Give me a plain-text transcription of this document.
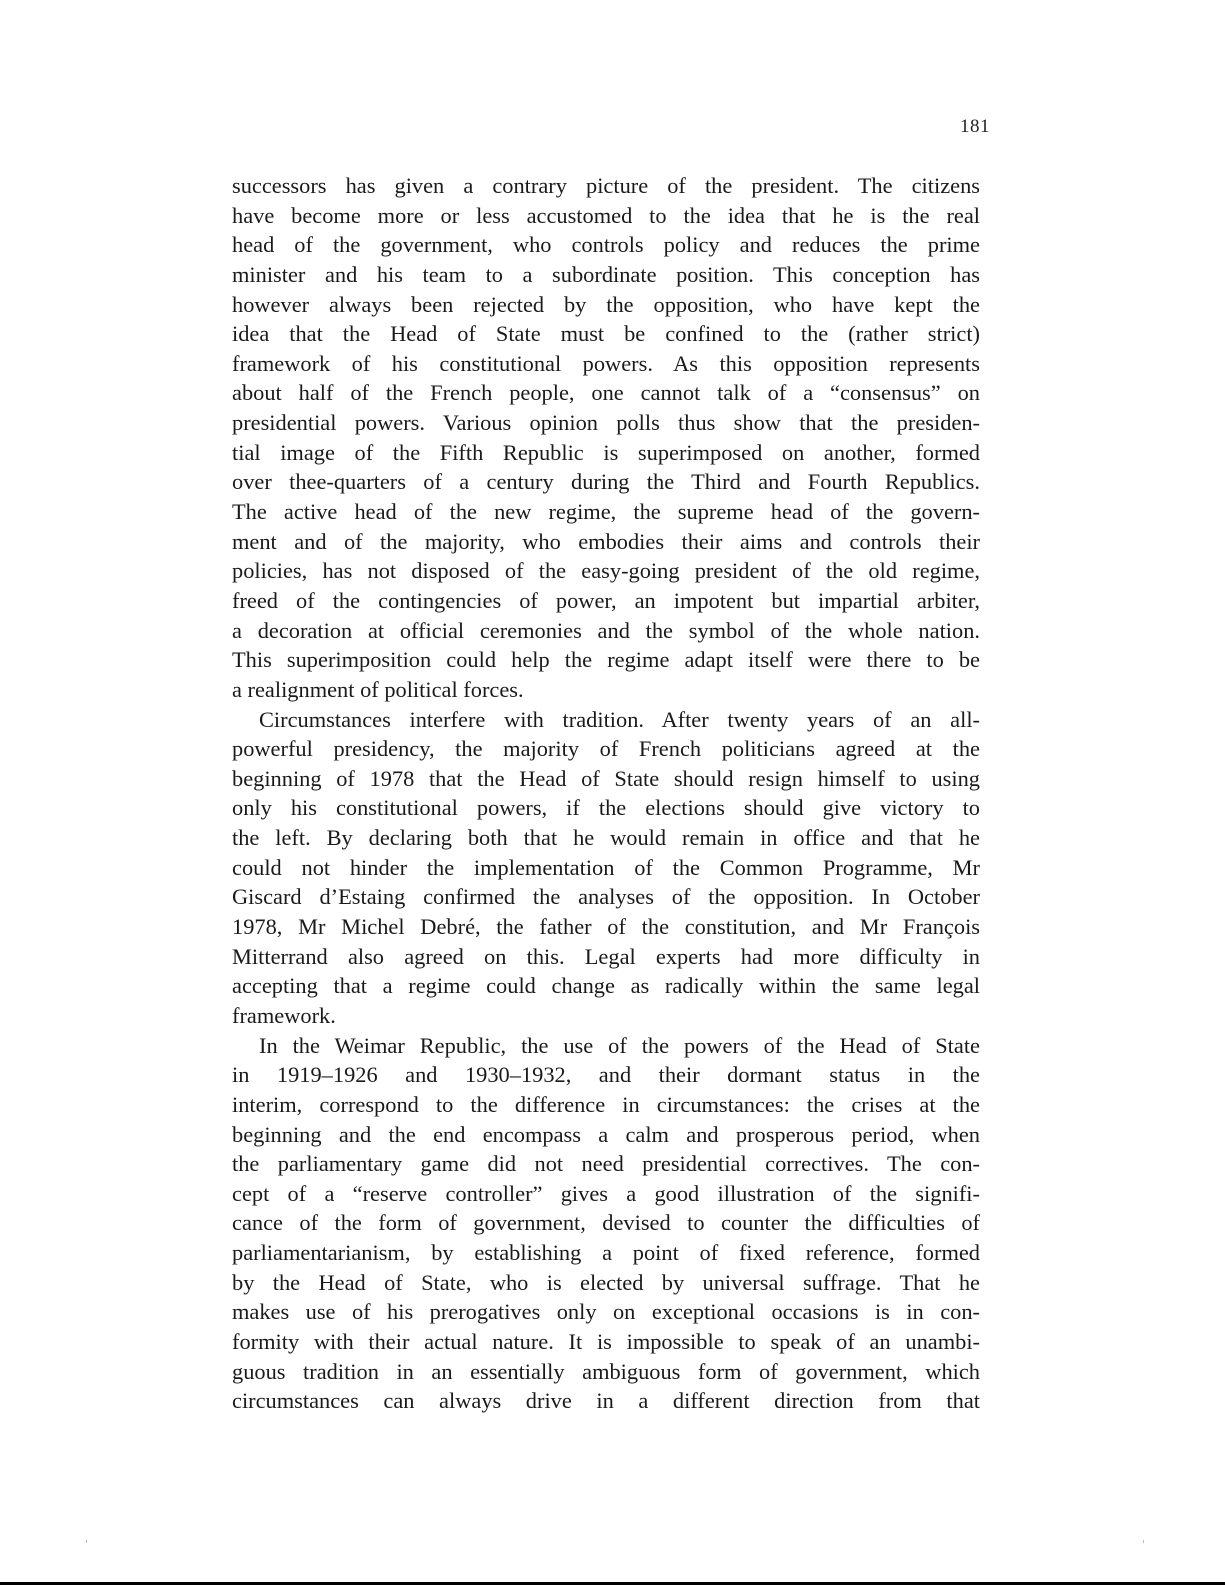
181
successors has given a contrary picture of the president. The citizens
have become more or less accustomed to the idea that he is the real
head of the government, who controls policy and reduces the prime
minister and his team to a subordinate position. This conception has
however always been rejected by the opposition, who have kept the
idea that the Head of State must be confined to the (rather strict)
framework of his constitutional powers. As this opposition represents
about half of the French people, one cannot talk of a “consensus” on
presidential powers. Various opinion polls thus show that the presiden-
tial image of the Fifth Republic is superimposed on another, formed
over thee-quarters of a century during the Third and Fourth Republics.
The active head of the new regime, the supreme head of the govern-
ment and of the majority, who embodies their aims and controls their
policies, has not disposed of the easy-going president of the old regime,
freed of the contingencies of power, an impotent but impartial arbiter,
a decoration at official ceremonies and the symbol of the whole nation.
This superimposition could help the regime adapt itself were there to be
a realignment of political forces.
Circumstances interfere with tradition. After twenty years of an all-
powerful presidency, the majority of French politicians agreed at the
beginning of 1978 that the Head of State should resign himself to using
only his constitutional powers, if the elections should give victory to
the left. By declaring both that he would remain in office and that he
could not hinder the implementation of the Common Programme, Mr
Giscard d’Estaing confirmed the analyses of the opposition. In October
1978, Mr Michel Debré, the father of the constitution, and Mr François
Mitterrand also agreed on this. Legal experts had more difficulty in
accepting that a regime could change as radically within the same legal
framework.
In the Weimar Republic, the use of the powers of the Head of State
in 1919–1926 and 1930–1932, and their dormant status in the
interim, correspond to the difference in circumstances: the crises at the
beginning and the end encompass a calm and prosperous period, when
the parliamentary game did not need presidential correctives. The con-
cept of a “reserve controller” gives a good illustration of the signifi-
cance of the form of government, devised to counter the difficulties of
parliamentarianism, by establishing a point of fixed reference, formed
by the Head of State, who is elected by universal suffrage. That he
makes use of his prerogatives only on exceptional occasions is in con-
formity with their actual nature. It is impossible to speak of an unambi-
guous tradition in an essentially ambiguous form of government, which
circumstances can always drive in a different direction from that
